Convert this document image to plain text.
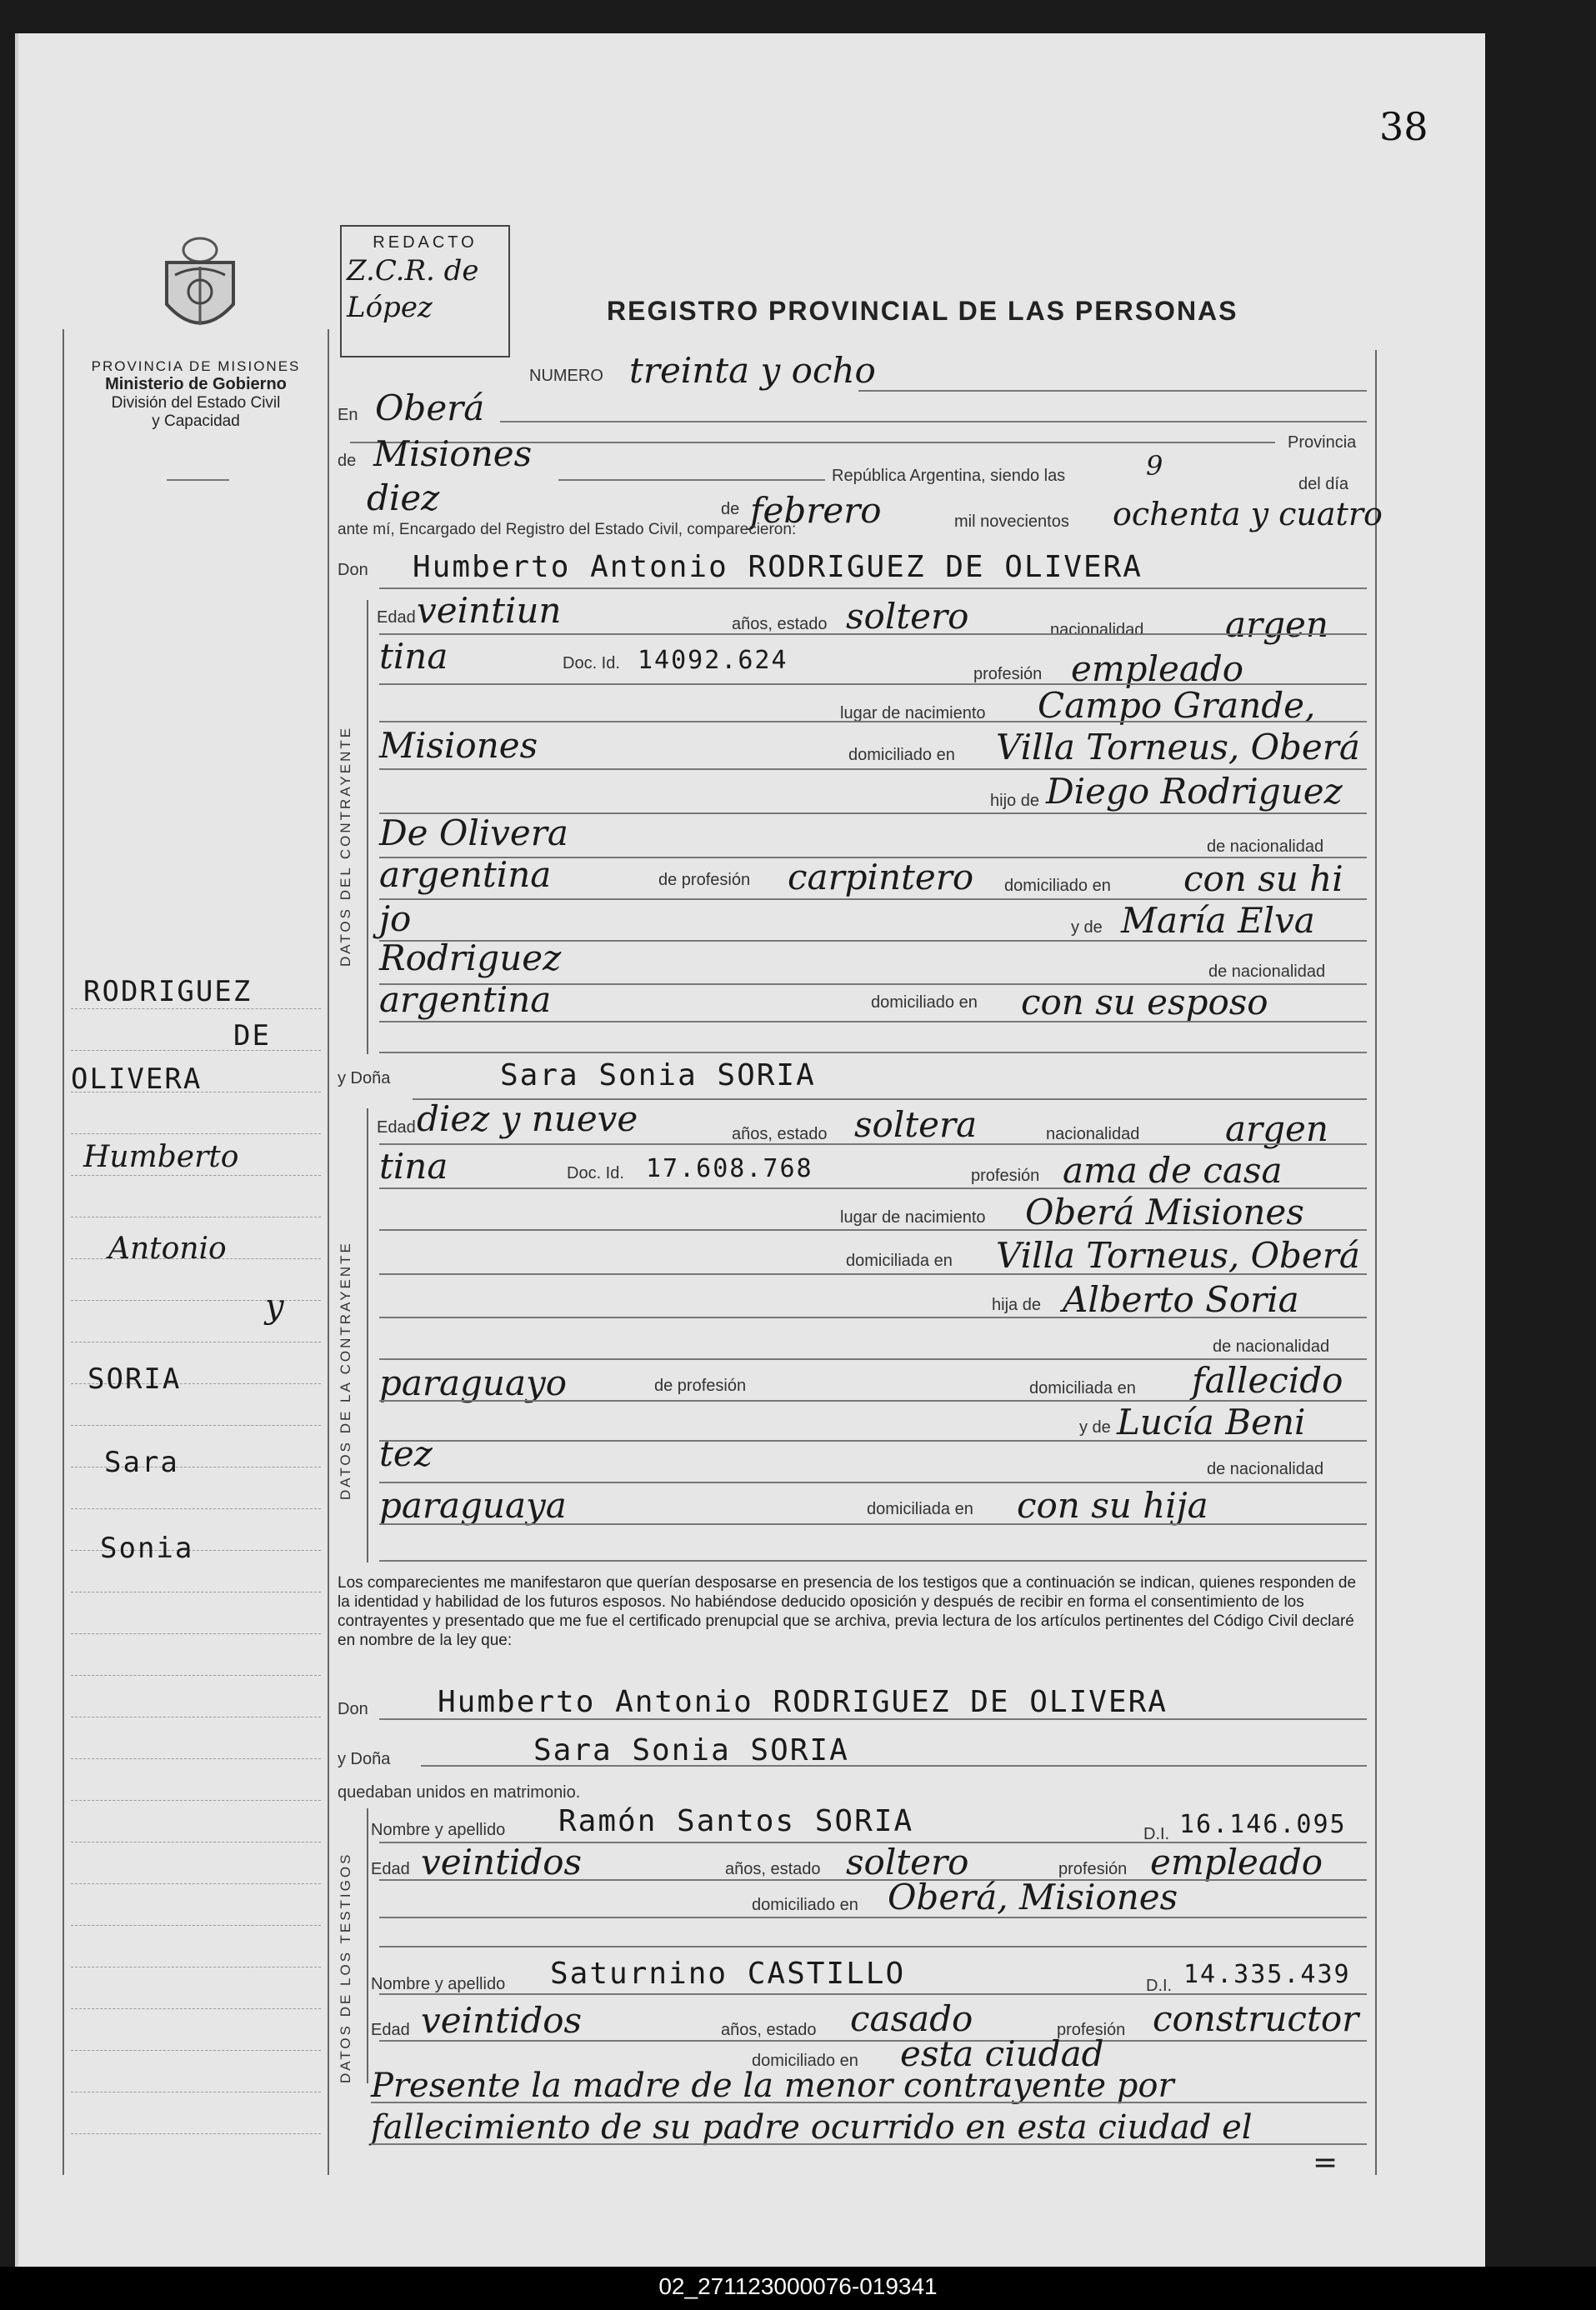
38
PROVINCIA DE MISIONES
Ministerio de Gobierno
División del Estado Civil
y Capacidad
REDACTO
Z.C.R. de López	REGISTRO PROVINCIAL DE LAS PERSONAS
NUMERO treinta y ocho
En Oberá
Provincia
de Misiones
República Argentina, siendo las	9
del día
diez	de febrero	mil novecientos ochenta y cuatro
ante mí, Encargado del Registro del Estado Civil, comparecieron:
Don Humberto Antonio RODRIGUEZ DE OLIVERA
DATOS DEL CONTRAYENTE
Edad veintiun	años, estado soltero	nacionalidad argen
tina	Doc. Id. 14092.624	profesión empleado
lugar de nacimiento Campo Grande,
Misiones	domiciliado en Villa Torneus, Oberá
hijo de Diego Rodriguez
De Olivera	de nacionalidad
argentina	de profesión carpintero domiciliado en con su hi
jo	y de María Elva
Rodriguez	de nacionalidad
argentina	domiciliado en con su esposo
y Doña	Sara Sonia SORIA
DATOS DE LA CONTRAYENTE
Edad diez y nueve	años, estado soltera	nacionalidad argen
tina	Doc. Id. 17.608.768	profesión ama de casa
lugar de nacimiento Oberá Misiones
domiciliada en Villa Torneus, Oberá
hija de Alberto Soria
de nacionalidad
paraguayo	de profesión	domiciliada en fallecido
y de Lucía Beni
tez	de nacionalidad
paraguaya	domiciliada en con su hija
Los comparecientes me manifestaron que querían desposarse en presencia de los testigos que a continuación se indican, quienes responden de la identidad y habilidad de los futuros esposos. No habiéndose deducido oposición y después de recibir en forma el consentimiento de los contrayentes y presentado que me fue el certificado prenupcial que se archiva, previa lectura de los artículos pertinentes del Código Civil declaré en nombre de la ley que:
Don Humberto Antonio RODRIGUEZ DE OLIVERA
y Doña	Sara Sonia SORIA
quedaban unidos en matrimonio.
DATOS DE LOS TESTIGOS
Nombre y apellido Ramón Santos SORIA	D.I. 16.146.095
Edad veintidos	años, estado soltero	profesión empleado
domiciliado en Oberá, Misiones
Nombre y apellido Saturnino CASTILLO	D.I. 14.335.439
Edad veintidos	años, estado casado	profesión constructor
domiciliado en esta ciudad
Presente la madre de la menor contrayente por
fallecimiento de su padre ocurrido en esta ciudad el
=
RODRIGUEZ
DE
OLIVERA
Humberto
Antonio
y
SORIA
Sara
Sonia
02_271123000076-019341
